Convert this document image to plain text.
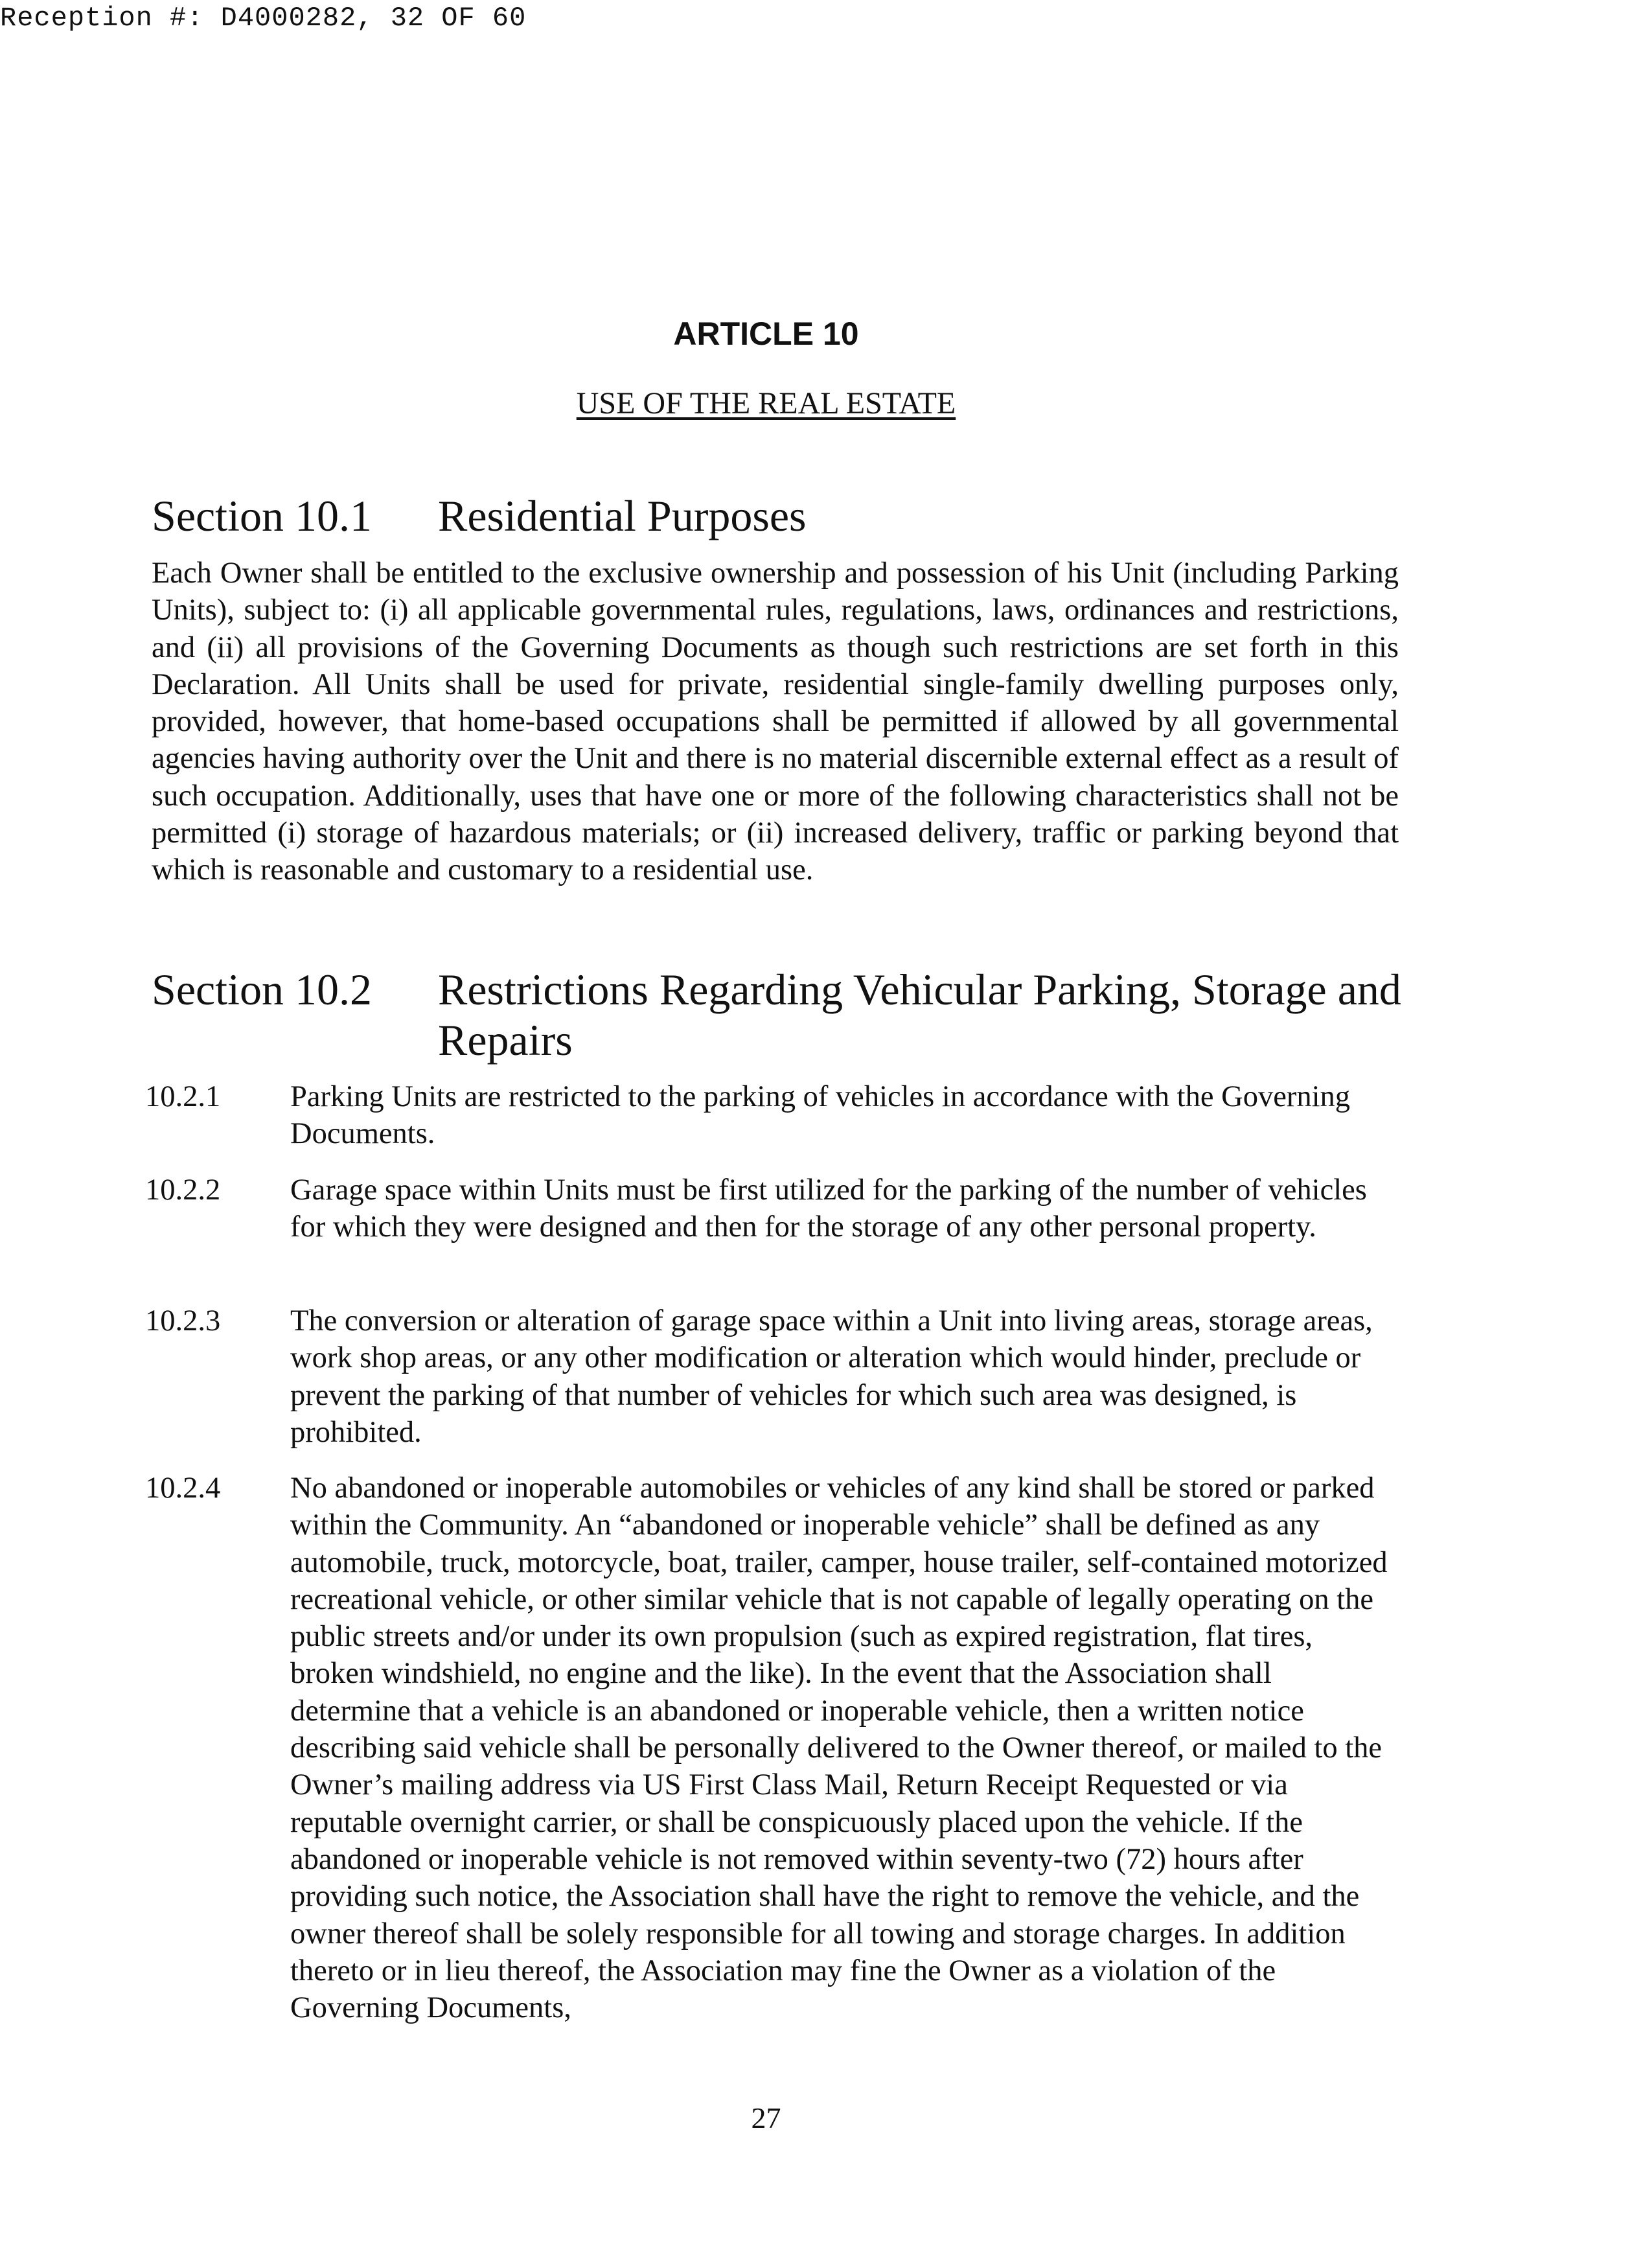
Reception #: D4000282, 32 OF 60
ARTICLE 10
USE OF THE REAL ESTATE
Section 10.1 Residential Purposes
Each Owner shall be entitled to the exclusive ownership and possession of his Unit (including Parking Units), subject to: (i) all applicable governmental rules, regulations, laws, ordinances and restrictions, and (ii) all provisions of the Governing Documents as though such restrictions are set forth in this Declaration. All Units shall be used for private, residential single-family dwelling purposes only, provided, however, that home-based occupations shall be permitted if allowed by all governmental agencies having authority over the Unit and there is no material discernible external effect as a result of such occupation. Additionally, uses that have one or more of the following characteristics shall not be permitted (i) storage of hazardous materials; or (ii) increased delivery, traffic or parking beyond that which is reasonable and customary to a residential use.
Section 10.2 Restrictions Regarding Vehicular Parking, Storage and Repairs
10.2.1 Parking Units are restricted to the parking of vehicles in accordance with the Governing Documents.
10.2.2 Garage space within Units must be first utilized for the parking of the number of vehicles for which they were designed and then for the storage of any other personal property.
10.2.3 The conversion or alteration of garage space within a Unit into living areas, storage areas, work shop areas, or any other modification or alteration which would hinder, preclude or prevent the parking of that number of vehicles for which such area was designed, is prohibited.
10.2.4 No abandoned or inoperable automobiles or vehicles of any kind shall be stored or parked within the Community. An “abandoned or inoperable vehicle” shall be defined as any automobile, truck, motorcycle, boat, trailer, camper, house trailer, self-contained motorized recreational vehicle, or other similar vehicle that is not capable of legally operating on the public streets and/or under its own propulsion (such as expired registration, flat tires, broken windshield, no engine and the like). In the event that the Association shall determine that a vehicle is an abandoned or inoperable vehicle, then a written notice describing said vehicle shall be personally delivered to the Owner thereof, or mailed to the Owner’s mailing address via US First Class Mail, Return Receipt Requested or via reputable overnight carrier, or shall be conspicuously placed upon the vehicle. If the abandoned or inoperable vehicle is not removed within seventy-two (72) hours after providing such notice, the Association shall have the right to remove the vehicle, and the owner thereof shall be solely responsible for all towing and storage charges. In addition thereto or in lieu thereof, the Association may fine the Owner as a violation of the Governing Documents,
27
